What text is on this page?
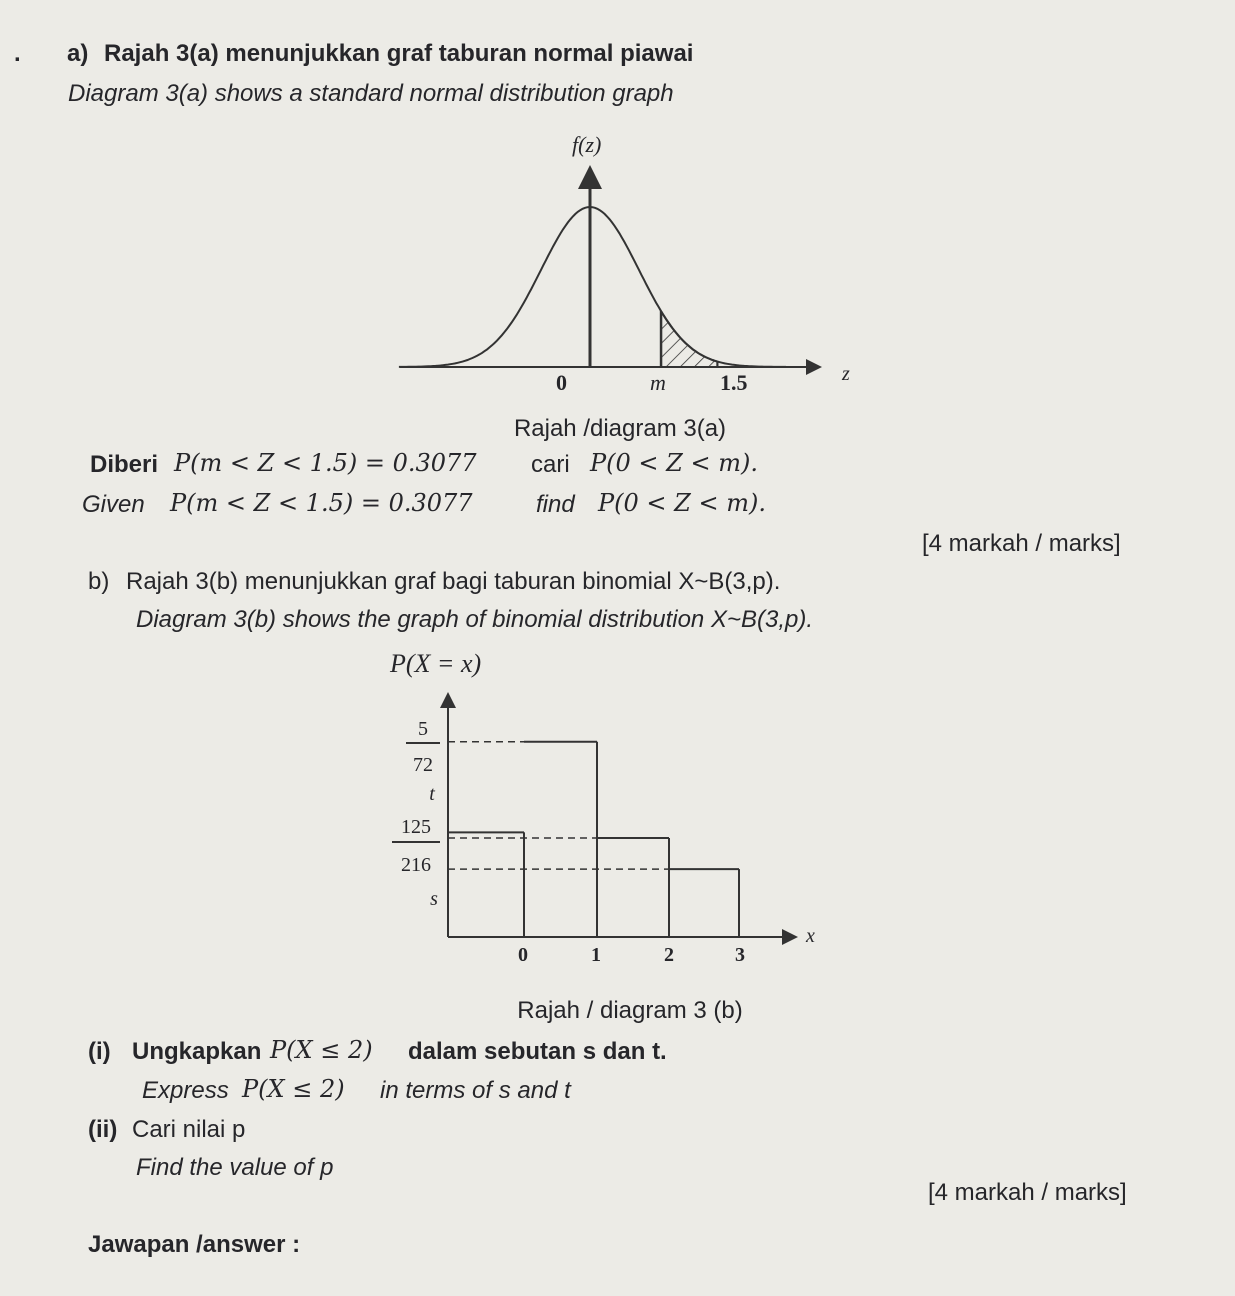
. a) Rajah 3(a) menunjukkan graf taburan normal piawai
Diagram 3(a) shows a standard normal distribution graph
f(z)
z
0	m 1.5
Rajah /diagram 3(a)
Diberi P(m < Z < 1.5) = 0.3077 cari P(0 < Z < m).
Given P(m < Z < 1.5) = 0.3077	find P(0 < Z < m).
[4 markah / marks]
b) Rajah 3(b) menunjukkan graf bagi taburan binomial X~B(3,p).
Diagram 3(b) shows the graph of binomial distribution X~B(3,p).
P(X = x)
x
5
72
t
125
216
s
0	1	2	3
Rajah / diagram 3 (b)
(i) Ungkapkan P(X ≤ 2) dalam sebutan s dan t.
Express P(X ≤ 2) in terms of s and t
(ii) Cari nilai p
Find the value of p
[4 markah / marks]
Jawapan /answer :
